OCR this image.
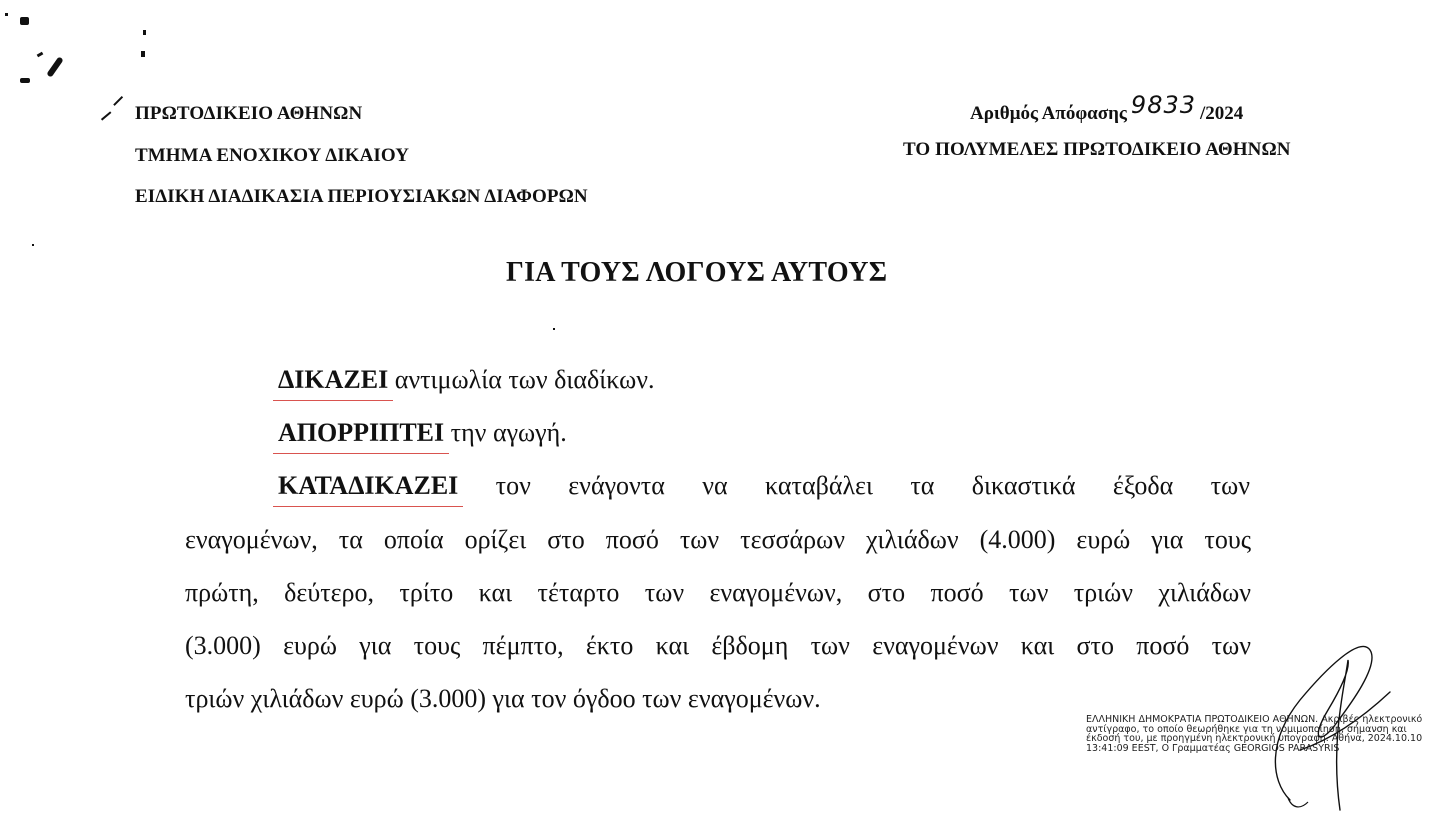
ΠΡΩΤΟΔΙΚΕΙΟ ΑΘΗΝΩΝ
ΤΜΗΜΑ ΕΝΟΧΙΚΟΥ ΔΙΚΑΙΟΥ
ΕΙΔΙΚΗ ΔΙΑΔΙΚΑΣΙΑ ΠΕΡΙΟΥΣΙΑΚΩΝ ΔΙΑΦΟΡΩΝ
Αριθμός Απόφασης 9833 /2024
ΤΟ ΠΟΛΥΜΕΛΕΣ ΠΡΩΤΟΔΙΚΕΙΟ ΑΘΗΝΩΝ
ΓΙΑ ΤΟΥΣ ΛΟΓΟΥΣ ΑΥΤΟΥΣ
ΔΙΚΑΖΕΙ αντιμωλία των διαδίκων.
ΑΠΟΡΡΙΠΤΕΙ την αγωγή.
ΚΑΤΑΔΙΚΑΖΕΙ τον ενάγοντα να καταβάλει τα δικαστικά έξοδα των
εναγομένων, τα οποία ορίζει στο ποσό των τεσσάρων χιλιάδων (4.000) ευρώ για τους
πρώτη, δεύτερο, τρίτο και τέταρτο των εναγομένων, στο ποσό των τριών χιλιάδων
(3.000) ευρώ για τους πέμπτο, έκτο και έβδομη των εναγομένων και στο ποσό των
τριών χιλιάδων ευρώ (3.000) για τον όγδοο των εναγομένων.
ΕΛΛΗΝΙΚΗ ΔΗΜΟΚΡΑΤΙΑ ΠΡΩΤΟΔΙΚΕΙΟ ΑΘΗΝΩΝ. Ακριβές ηλεκτρονικό αντίγραφο, το οποίο θεωρήθηκε για τη νομιμοποίηση, σήμανση και έκδοσή του, με προηγμένη ηλεκτρονική υπογραφή. Αθήνα, 2024.10.10 13:41:09 EEST, Ο Γραμματέας GEORGIOS PARASYRIS
